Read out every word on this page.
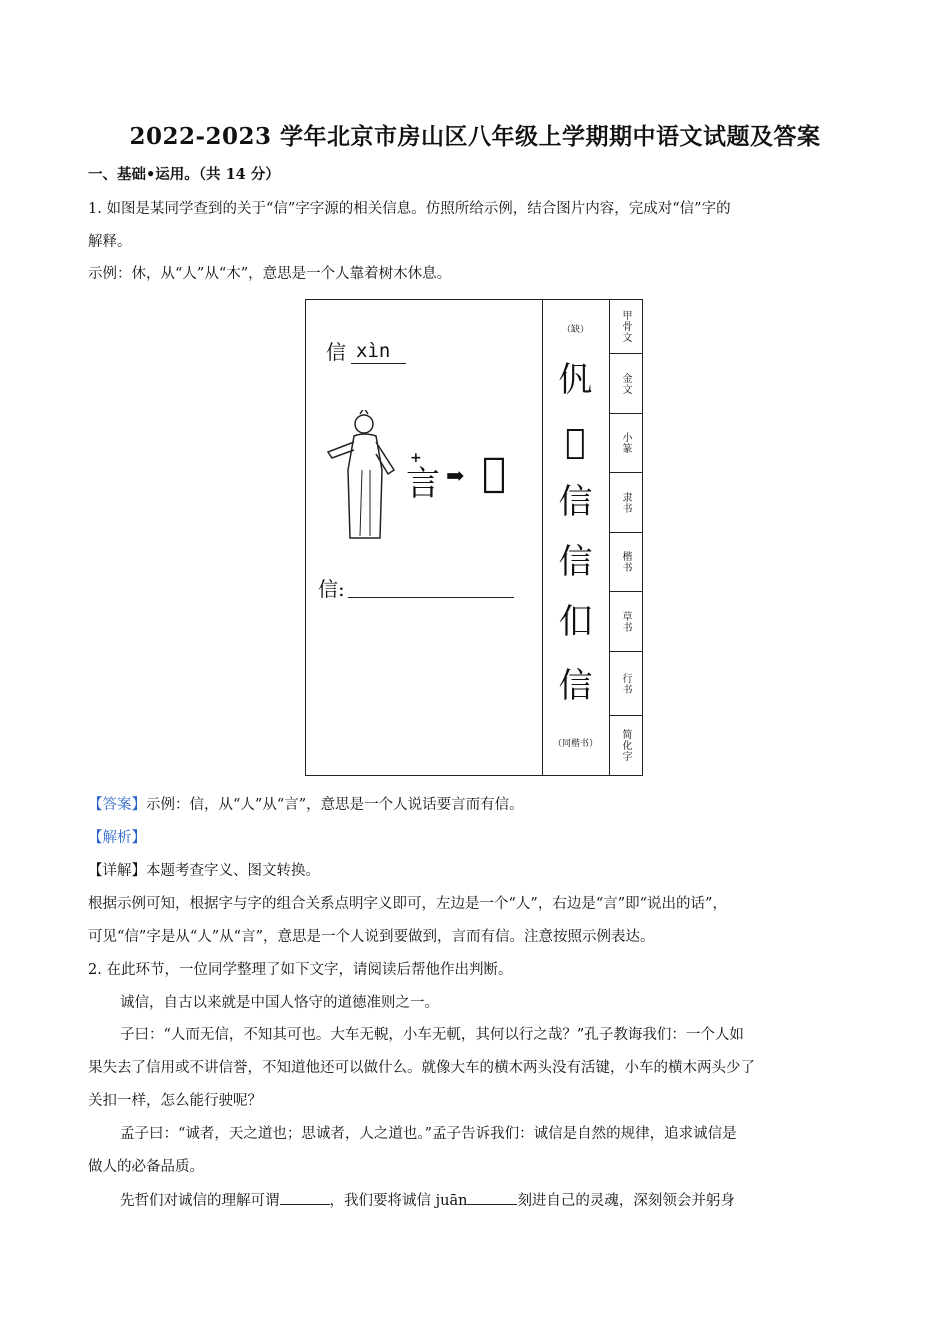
2022-2023 学年北京市房山区八年级上学期期中语文试题及答案
一、基础•运用。（共 14 分）
1. 如图是某同学查到的关于“信”字字源的相关信息。仿照所给示例，结合图片内容，完成对“信”字的
解释。
示例：休，从“人”从“木”，意思是一个人靠着树木休息。
信 xìn
+
言 ➡ 𠎝
信:
（缺）
𠆩
𠎝
信
信
㐰
信
（同楷书）
甲骨文
金文
小篆
隶书
楷书
草书
行书
简化字
【答案】示例：信，从“人”从“言”，意思是一个人说话要言而有信。
【解析】
【详解】本题考查字义、图文转换。
根据示例可知，根据字与字的组合关系点明字义即可，左边是一个“人”，右边是“言”即“说出的话”，
可见“信”字是从“人”从“言”，意思是一个人说到要做到，言而有信。注意按照示例表达。
2. 在此环节，一位同学整理了如下文字，请阅读后帮他作出判断。
诚信，自古以来就是中国人恪守的道德准则之一。
子曰：“人而无信，不知其可也。大车无輗，小车无軏，其何以行之哉？”孔子教诲我们：一个人如
果失去了信用或不讲信誉，不知道他还可以做什么。就像大车的横木两头没有活键，小车的横木两头少了
关扣一样，怎么能行驶呢？
孟子曰：“诚者，天之道也；思诚者，人之道也。”孟子告诉我们：诚信是自然的规律，追求诚信是
做人的必备品质。
先哲们对诚信的理解可谓	，我们要将诚信 juān	刻进自己的灵魂，深刻领会并躬身
